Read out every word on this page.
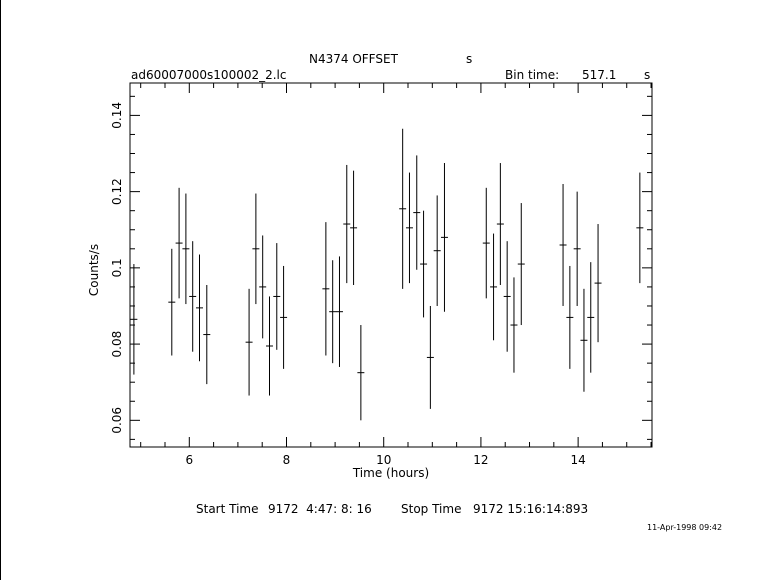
N4374 OFFSET	s
ad60007000s100002_2.lc	Bin time: 517.1 s
6	8	10	12	14
0.06
0.08
0.1
0.12
0.14
Time (hours)
Counts/s
Start Time 9172  4:47: 8: 16 Stop Time 9172 15:16:14:893
11-Apr-1998 09:42
